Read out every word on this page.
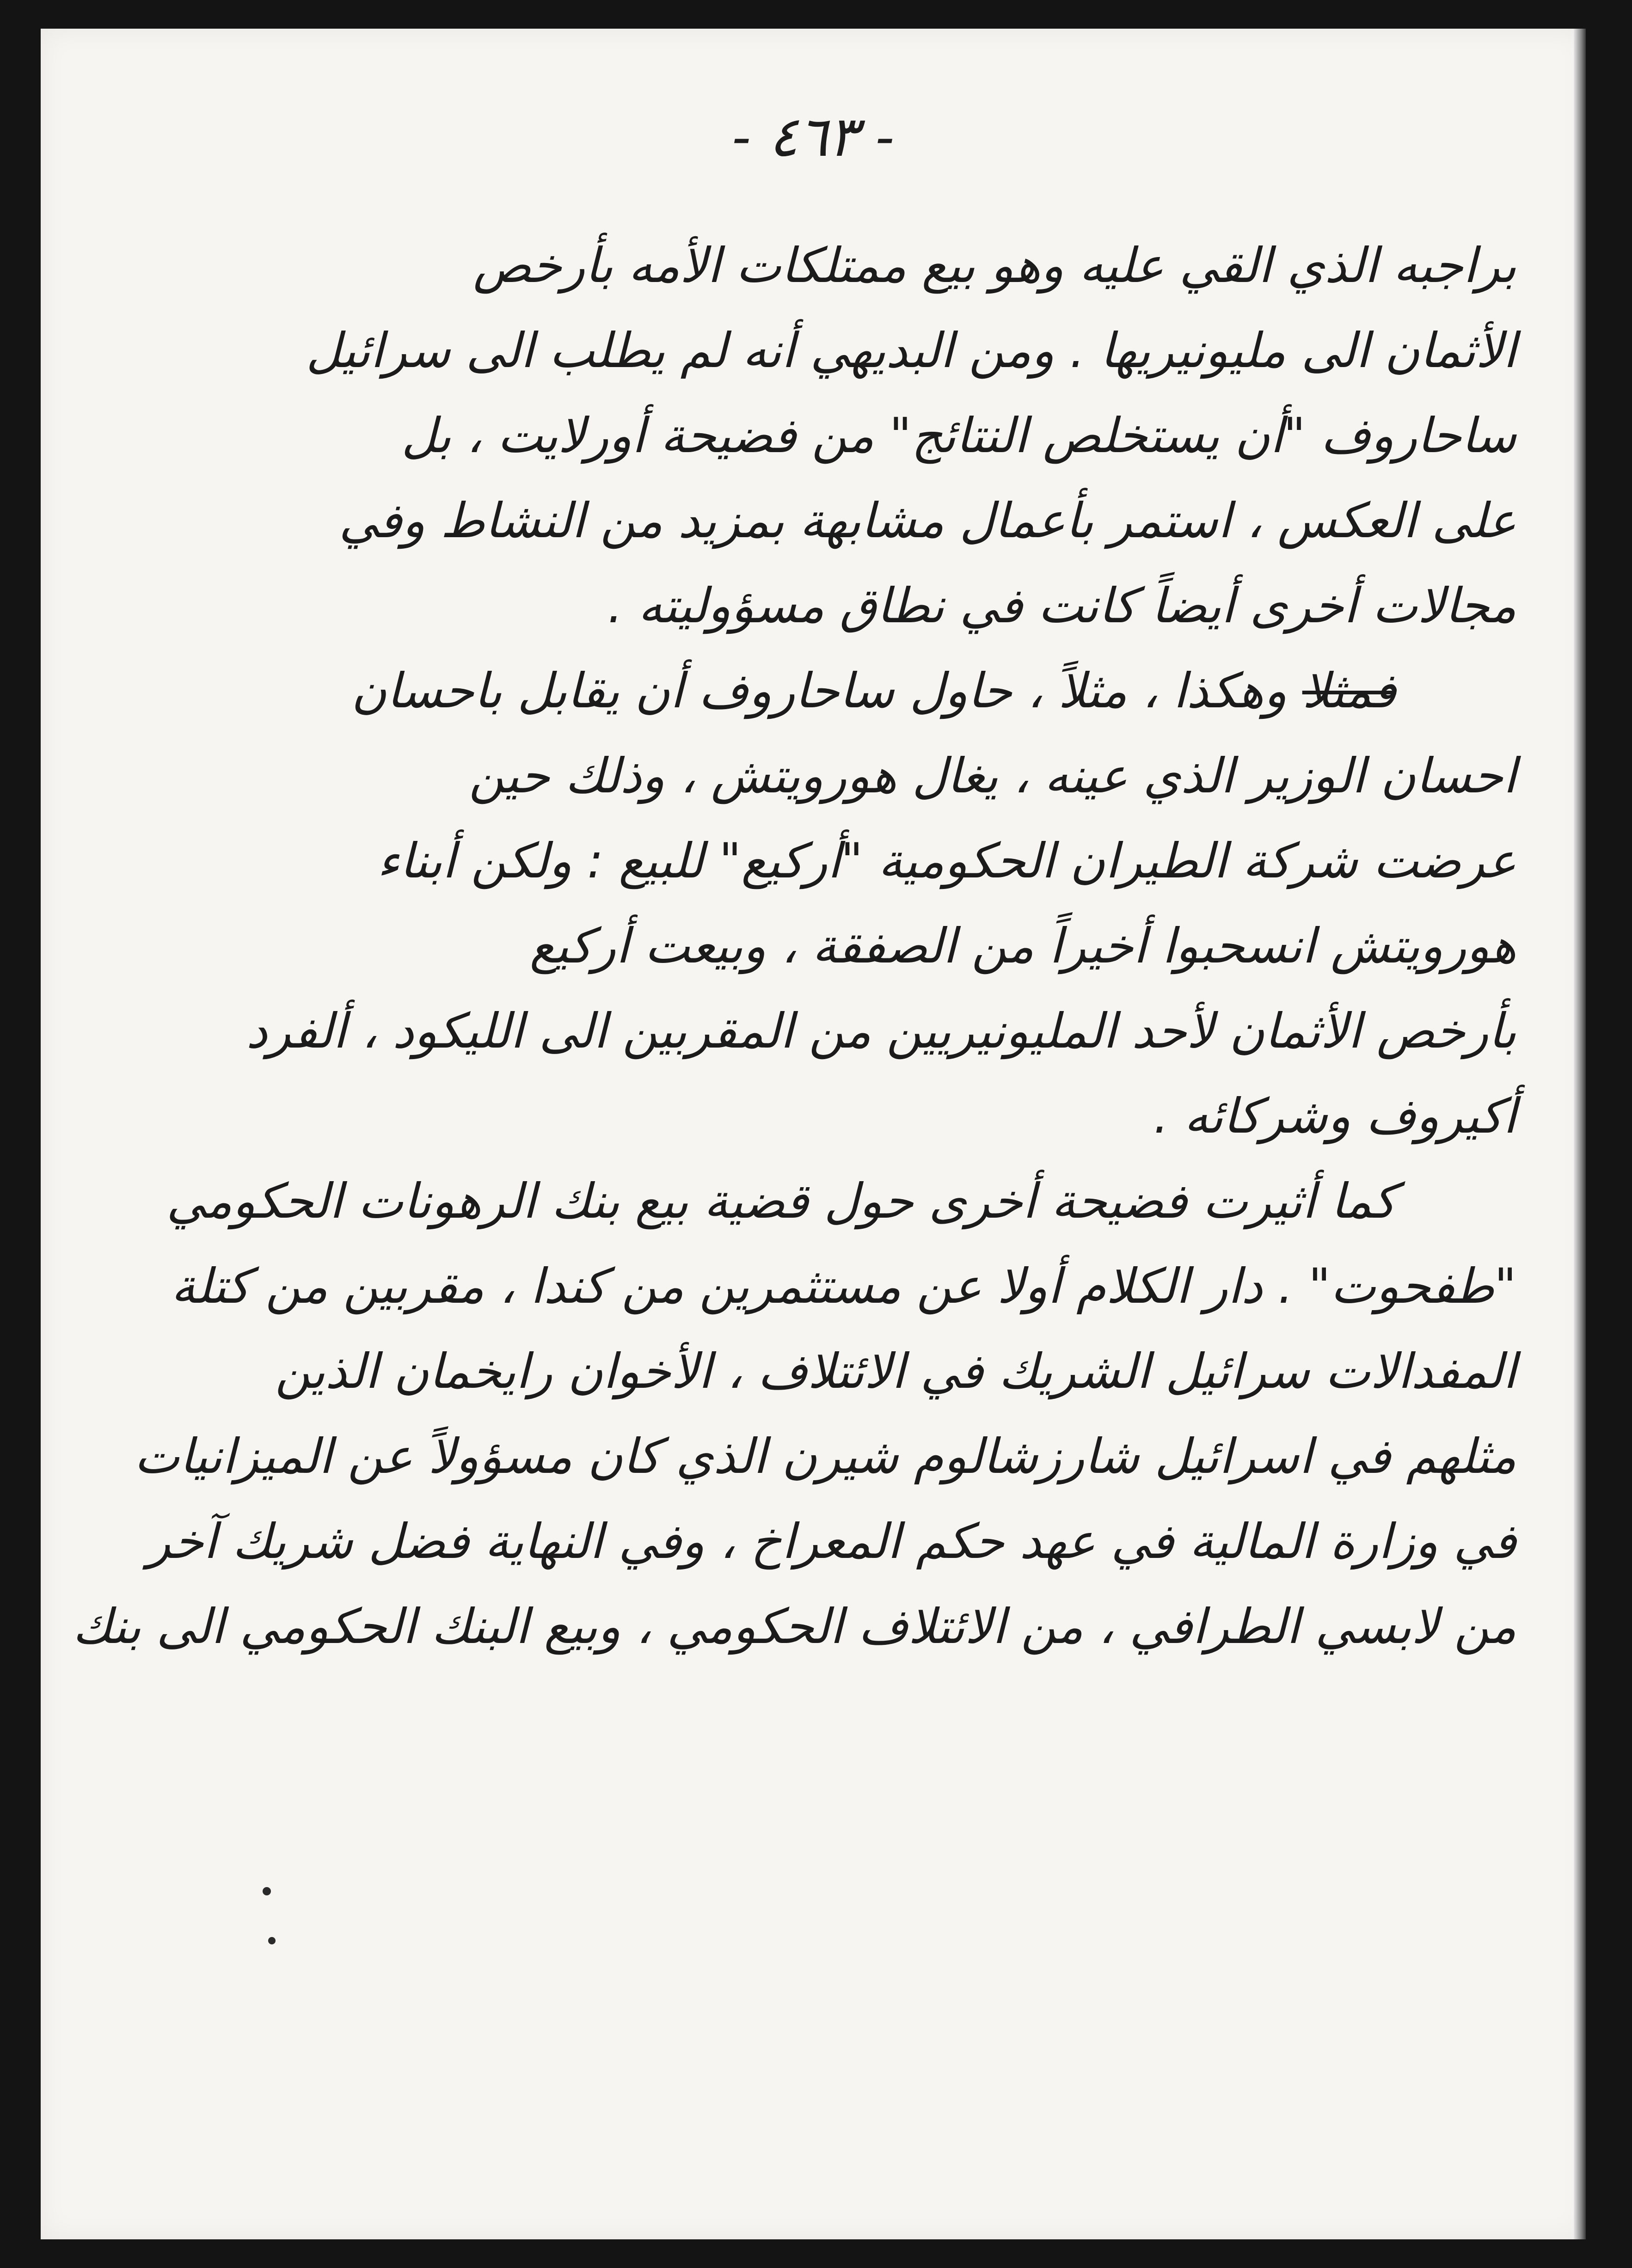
- ٤٦٣ -
براجبه الذي القي عليه وهو بيع ممتلكات الأمه بأرخص
الأثمان الى مليونيريها . ومن البديهي أنه لم يطلب الى سرائيل
ساحاروف "أن يستخلص النتائج" من فضيحة أورلايت ، بل
على العكس ، استمر بأعمال مشابهة بمزيد من النشاط وفي
مجالات أخرى أيضاً كانت في نطاق مسؤوليته .
فمثلا وهكذا ، مثلاً ، حاول ساحاروف أن يقابل باحسان
احسان الوزير الذي عينه ، يغال هورويتش ، وذلك حين
عرضت شركة الطيران الحكومية "أركيع" للبيع : ولكن أبناء
هورويتش انسحبوا أخيراً من الصفقة ، وبيعت أركيع
بأرخص الأثمان لأحد المليونيريين من المقربين الى الليكود ، ألفرد
أكيروف وشركائه .
كما أثيرت فضيحة أخرى حول قضية بيع بنك الرهونات الحكومي
"طفحوت" . دار الكلام أولا عن مستثمرين من كندا ، مقربين من كتلة
المفدالات سرائيل الشريك في الائتلاف ، الأخوان رايخمان الذين
مثلهم في اسرائيل شارزشالوم شيرن الذي كان مسؤولاً عن الميزانيات
في وزارة المالية في عهد حكم المعراخ ، وفي النهاية فضل شريك آخر
من لابسي الطرافي ، من الائتلاف الحكومي ، وبيع البنك الحكومي الى بنك
